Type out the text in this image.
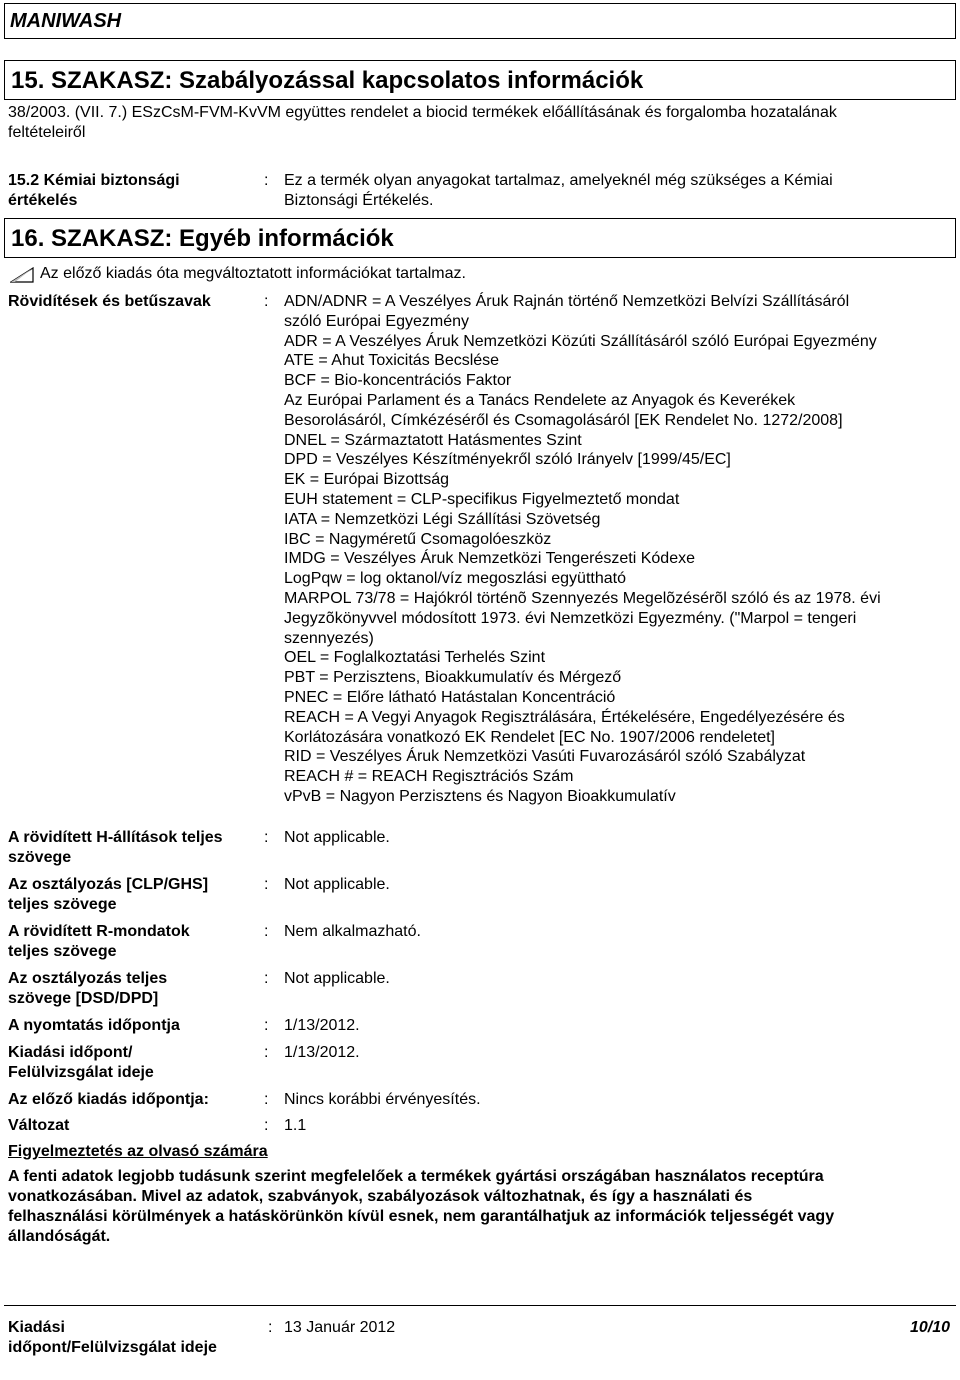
MANIWASH
15. SZAKASZ: Szabályozással kapcsolatos információk
38/2003. (VII. 7.) ESzCsM-FVM-KvVM együttes rendelet a biocid termékek előállításának és forgalomba hozatalának
feltételeiről
15.2 Kémiai biztonsági
értékelés
: Ez a termék olyan anyagokat tartalmaz, amelyeknél még szükséges a Kémiai
Biztonsági Értékelés.
16. SZAKASZ: Egyéb információk
Az előző kiadás óta megváltoztatott információkat tartalmaz.
Rövidítések és betűszavak	: ADN/ADNR = A Veszélyes Áruk Rajnán történő Nemzetközi Belvízi Szállításáról
szóló Európai Egyezmény
ADR = A Veszélyes Áruk Nemzetközi Közúti Szállításáról szóló Európai Egyezmény
ATE = Ahut Toxicitás Becslése
BCF = Bio-koncentrációs Faktor
Az Európai Parlament és a Tanács Rendelete az Anyagok és Keverékek
Besorolásáról, Címkézéséről és Csomagolásáról [EK Rendelet No. 1272/2008]
DNEL = Származtatott Hatásmentes Szint
DPD = Veszélyes Készítményekről szóló Irányelv [1999/45/EC]
EK = Európai Bizottság
EUH statement = CLP-specifikus Figyelmeztető mondat
IATA = Nemzetközi Légi Szállítási Szövetség
IBC = Nagyméretű Csomagolóeszköz
IMDG = Veszélyes Áruk Nemzetközi Tengerészeti Kódexe
LogPqw = log oktanol/víz megoszlási együttható
MARPOL 73/78 = Hajókról történõ Szennyezés Megelõzésérõl szóló és az 1978. évi
Jegyzõkönyvvel módosított 1973. évi Nemzetközi Egyezmény. ("Marpol = tengeri
szennyezés)
OEL = Foglalkoztatási Terhelés Szint
PBT = Perzisztens, Bioakkumulatív és Mérgező
PNEC = Előre látható Hatástalan Koncentráció
REACH = A Vegyi Anyagok Regisztrálására, Értékelésére, Engedélyezésére és
Korlátozására vonatkozó EK Rendelet [EC No. 1907/2006 rendeletet]
RID = Veszélyes Áruk Nemzetközi Vasúti Fuvarozásáról szóló Szabályzat
REACH # = REACH Regisztrációs Szám
vPvB = Nagyon Perzisztens és Nagyon Bioakkumulatív
A rövidített H-állítások teljes
szövege
: Not applicable.
Az osztályozás [CLP/GHS]
teljes szövege
: Not applicable.
A rövidített R-mondatok
teljes szövege
: Nem alkalmazható.
Az osztályozás teljes
szövege [DSD/DPD]
: Not applicable.
A nyomtatás időpontja	: 1/13/2012.
Kiadási időpont/
Felülvizsgálat ideje
: 1/13/2012.
Az előző kiadás időpontja:	: Nincs korábbi érvényesítés.
Változat	: 1.1
Figyelmeztetés az olvasó számára
A fenti adatok legjobb tudásunk szerint megfelelőek a termékek gyártási országában használatos receptúra
vonatkozásában. Mivel az adatok, szabványok, szabályozások változhatnak, és így a használati és
felhasználási körülmények a hatáskörünkön kívül esnek, nem garantálhatjuk az információk teljességét vagy
állandóságát.
Kiadási
időpont/Felülvizsgálat ideje
: 13 Január 2012	10/10
